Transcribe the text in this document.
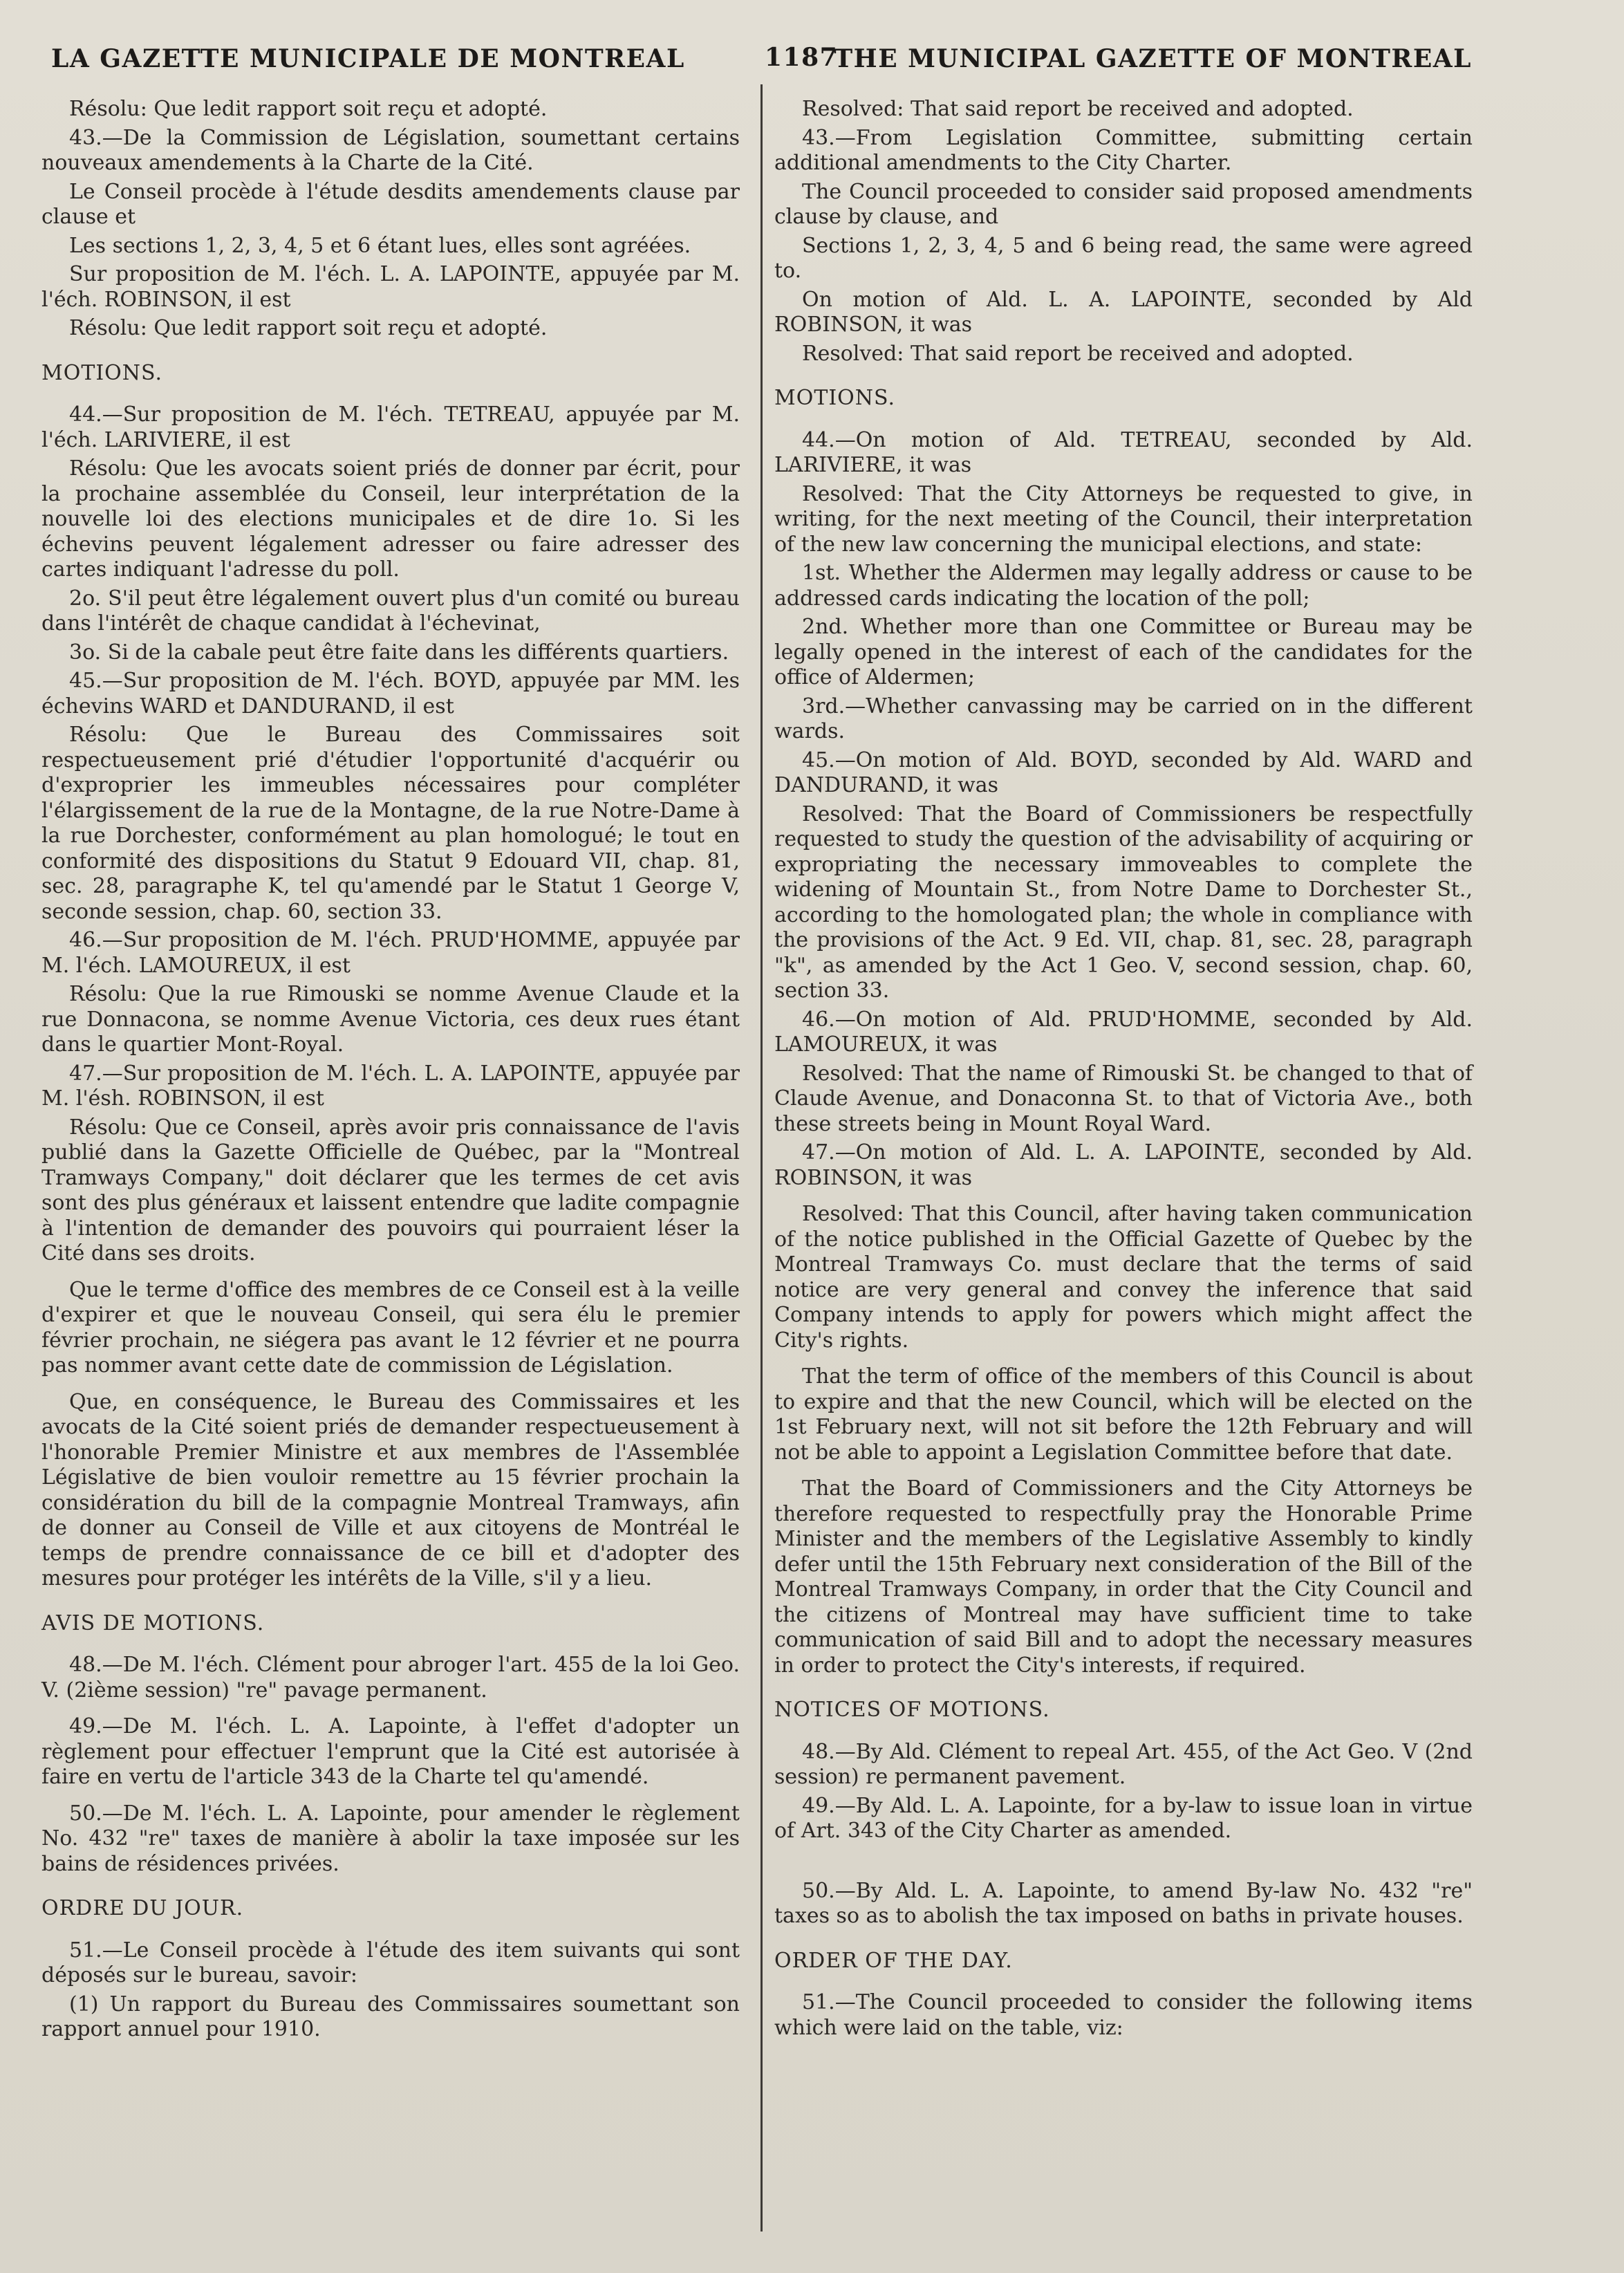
LA GAZETTE MUNICIPALE DE MONTREAL	1187
THE MUNICIPAL GAZETTE OF MONTREAL

Résolu: Que ledit rapport soit reçu et adopté.

43.—De la Commission de Législation, soumettant certains nouveaux amendements à la Charte de la Cité.

Le Conseil procède à l'étude desdits amendements clause par clause et

Les sections 1, 2, 3, 4, 5 et 6 étant lues, elles sont agréées.

Sur proposition de M. l'éch. L. A. LAPOINTE, appuyée par M. l'éch. ROBINSON, il est

Résolu: Que ledit rapport soit reçu et adopté.

MOTIONS.

44.—Sur proposition de M. l'éch. TETREAU, appuyée par M. l'éch. LARIVIERE, il est

Résolu: Que les avocats soient priés de donner par écrit, pour la prochaine assemblée du Conseil, leur interprétation de la nouvelle loi des elections municipales et de dire 1o. Si les échevins peuvent légalement adresser ou faire adresser des cartes indiquant l'adresse du poll.

2o. S'il peut être légalement ouvert plus d'un comité ou bureau dans l'intérêt de chaque candidat à l'échevinat,

3o. Si de la cabale peut être faite dans les différents quartiers.

45.—Sur proposition de M. l'éch. BOYD, appuyée par MM. les échevins WARD et DANDURAND, il est

Résolu: Que le Bureau des Commissaires soit respectueusement prié d'étudier l'opportunité d'acquérir ou d'exproprier les immeubles nécessaires pour compléter l'élargissement de la rue de la Montagne, de la rue Notre-Dame à la rue Dorchester, conformément au plan homologué; le tout en conformité des dispositions du Statut 9 Edouard VII, chap. 81, sec. 28, paragraphe K, tel qu'amendé par le Statut 1 George V, seconde session, chap. 60, section 33.

46.—Sur proposition de M. l'éch. PRUD'HOMME, appuyée par M. l'éch. LAMOUREUX, il est

Résolu: Que la rue Rimouski se nomme Avenue Claude et la rue Donnacona, se nomme Avenue Victoria, ces deux rues étant dans le quartier Mont-Royal.

47.—Sur proposition de M. l'éch. L. A. LAPOINTE, appuyée par M. l'ésh. ROBINSON, il est

Résolu: Que ce Conseil, après avoir pris connaissance de l'avis publié dans la Gazette Officielle de Québec, par la "Montreal Tramways Company," doit déclarer que les termes de cet avis sont des plus généraux et laissent entendre que ladite compagnie à l'intention de demander des pouvoirs qui pourraient léser la Cité dans ses droits.

Que le terme d'office des membres de ce Conseil est à la veille d'expirer et que le nouveau Conseil, qui sera élu le premier février prochain, ne siégera pas avant le 12 février et ne pourra pas nommer avant cette date de commission de Législation.

Que, en conséquence, le Bureau des Commissaires et les avocats de la Cité soient priés de demander respectueusement à l'honorable Premier Ministre et aux membres de l'Assemblée Législative de bien vouloir remettre au 15 février prochain la considération du bill de la compagnie Montreal Tramways, afin de donner au Conseil de Ville et aux citoyens de Montréal le temps de prendre connaissance de ce bill et d'adopter des mesures pour protéger les intérêts de la Ville, s'il y a lieu.

AVIS DE MOTIONS.

48.—De M. l'éch. Clément pour abroger l'art. 455 de la loi Geo. V. (2ième session) "re" pavage permanent.

49.—De M. l'éch. L. A. Lapointe, à l'effet d'adopter un règlement pour effectuer l'emprunt que la Cité est autorisée à faire en vertu de l'article 343 de la Charte tel qu'amendé.

50.—De M. l'éch. L. A. Lapointe, pour amender le règlement No. 432 "re" taxes de manière à abolir la taxe imposée sur les bains de résidences privées.

ORDRE DU JOUR.

51.—Le Conseil procède à l'étude des item suivants qui sont déposés sur le bureau, savoir:

(1) Un rapport du Bureau des Commissaires soumettant son rapport annuel pour 1910.

Resolved: That said report be received and adopted.

43.—From Legislation Committee, submitting certain additional amendments to the City Charter.

The Council proceeded to consider said proposed amendments clause by clause, and

Sections 1, 2, 3, 4, 5 and 6 being read, the same were agreed to.

On motion of Ald. L. A. LAPOINTE, seconded by Ald ROBINSON, it was

Resolved: That said report be received and adopted.

MOTIONS.

44.—On motion of Ald. TETREAU, seconded by Ald. LARIVIERE, it was

Resolved: That the City Attorneys be requested to give, in writing, for the next meeting of the Council, their interpretation of the new law concerning the municipal elections, and state:

1st. Whether the Aldermen may legally address or cause to be addressed cards indicating the location of the poll;

2nd. Whether more than one Committee or Bureau may be legally opened in the interest of each of the candidates for the office of Aldermen;

3rd.—Whether canvassing may be carried on in the different wards.

45.—On motion of Ald. BOYD, seconded by Ald. WARD and DANDURAND, it was

Resolved: That the Board of Commissioners be respectfully requested to study the question of the advisability of acquiring or expropriating the necessary immoveables to complete the widening of Mountain St., from Notre Dame to Dorchester St., according to the homologated plan; the whole in compliance with the provisions of the Act. 9 Ed. VII, chap. 81, sec. 28, paragraph "k", as amended by the Act 1 Geo. V, second session, chap. 60, section 33.

46.—On motion of Ald. PRUD'HOMME, seconded by Ald. LAMOUREUX, it was

Resolved: That the name of Rimouski St. be changed to that of Claude Avenue, and Donaconna St. to that of Victoria Ave., both these streets being in Mount Royal Ward.

47.—On motion of Ald. L. A. LAPOINTE, seconded by Ald. ROBINSON, it was

Resolved: That this Council, after having taken communication of the notice published in the Official Gazette of Quebec by the Montreal Tramways Co. must declare that the terms of said notice are very general and convey the inference that said Company intends to apply for powers which might affect the City's rights.

That the term of office of the members of this Council is about to expire and that the new Council, which will be elected on the 1st February next, will not sit before the 12th February and will not be able to appoint a Legislation Committee before that date.

That the Board of Commissioners and the City Attorneys be therefore requested to respectfully pray the Honorable Prime Minister and the members of the Legislative Assembly to kindly defer until the 15th February next consideration of the Bill of the Montreal Tramways Company, in order that the City Council and the citizens of Montreal may have sufficient time to take communication of said Bill and to adopt the necessary measures in order to protect the City's interests, if required.

NOTICES OF MOTIONS.

48.—By Ald. Clément to repeal Art. 455, of the Act Geo. V (2nd session) re permanent pavement.

49.—By Ald. L. A. Lapointe, for a by-law to issue loan in virtue of Art. 343 of the City Charter as amended.

50.—By Ald. L. A. Lapointe, to amend By-law No. 432 "re" taxes so as to abolish the tax imposed on baths in private houses.

ORDER OF THE DAY.

51.—The Council proceeded to consider the following items which were laid on the table, viz:
